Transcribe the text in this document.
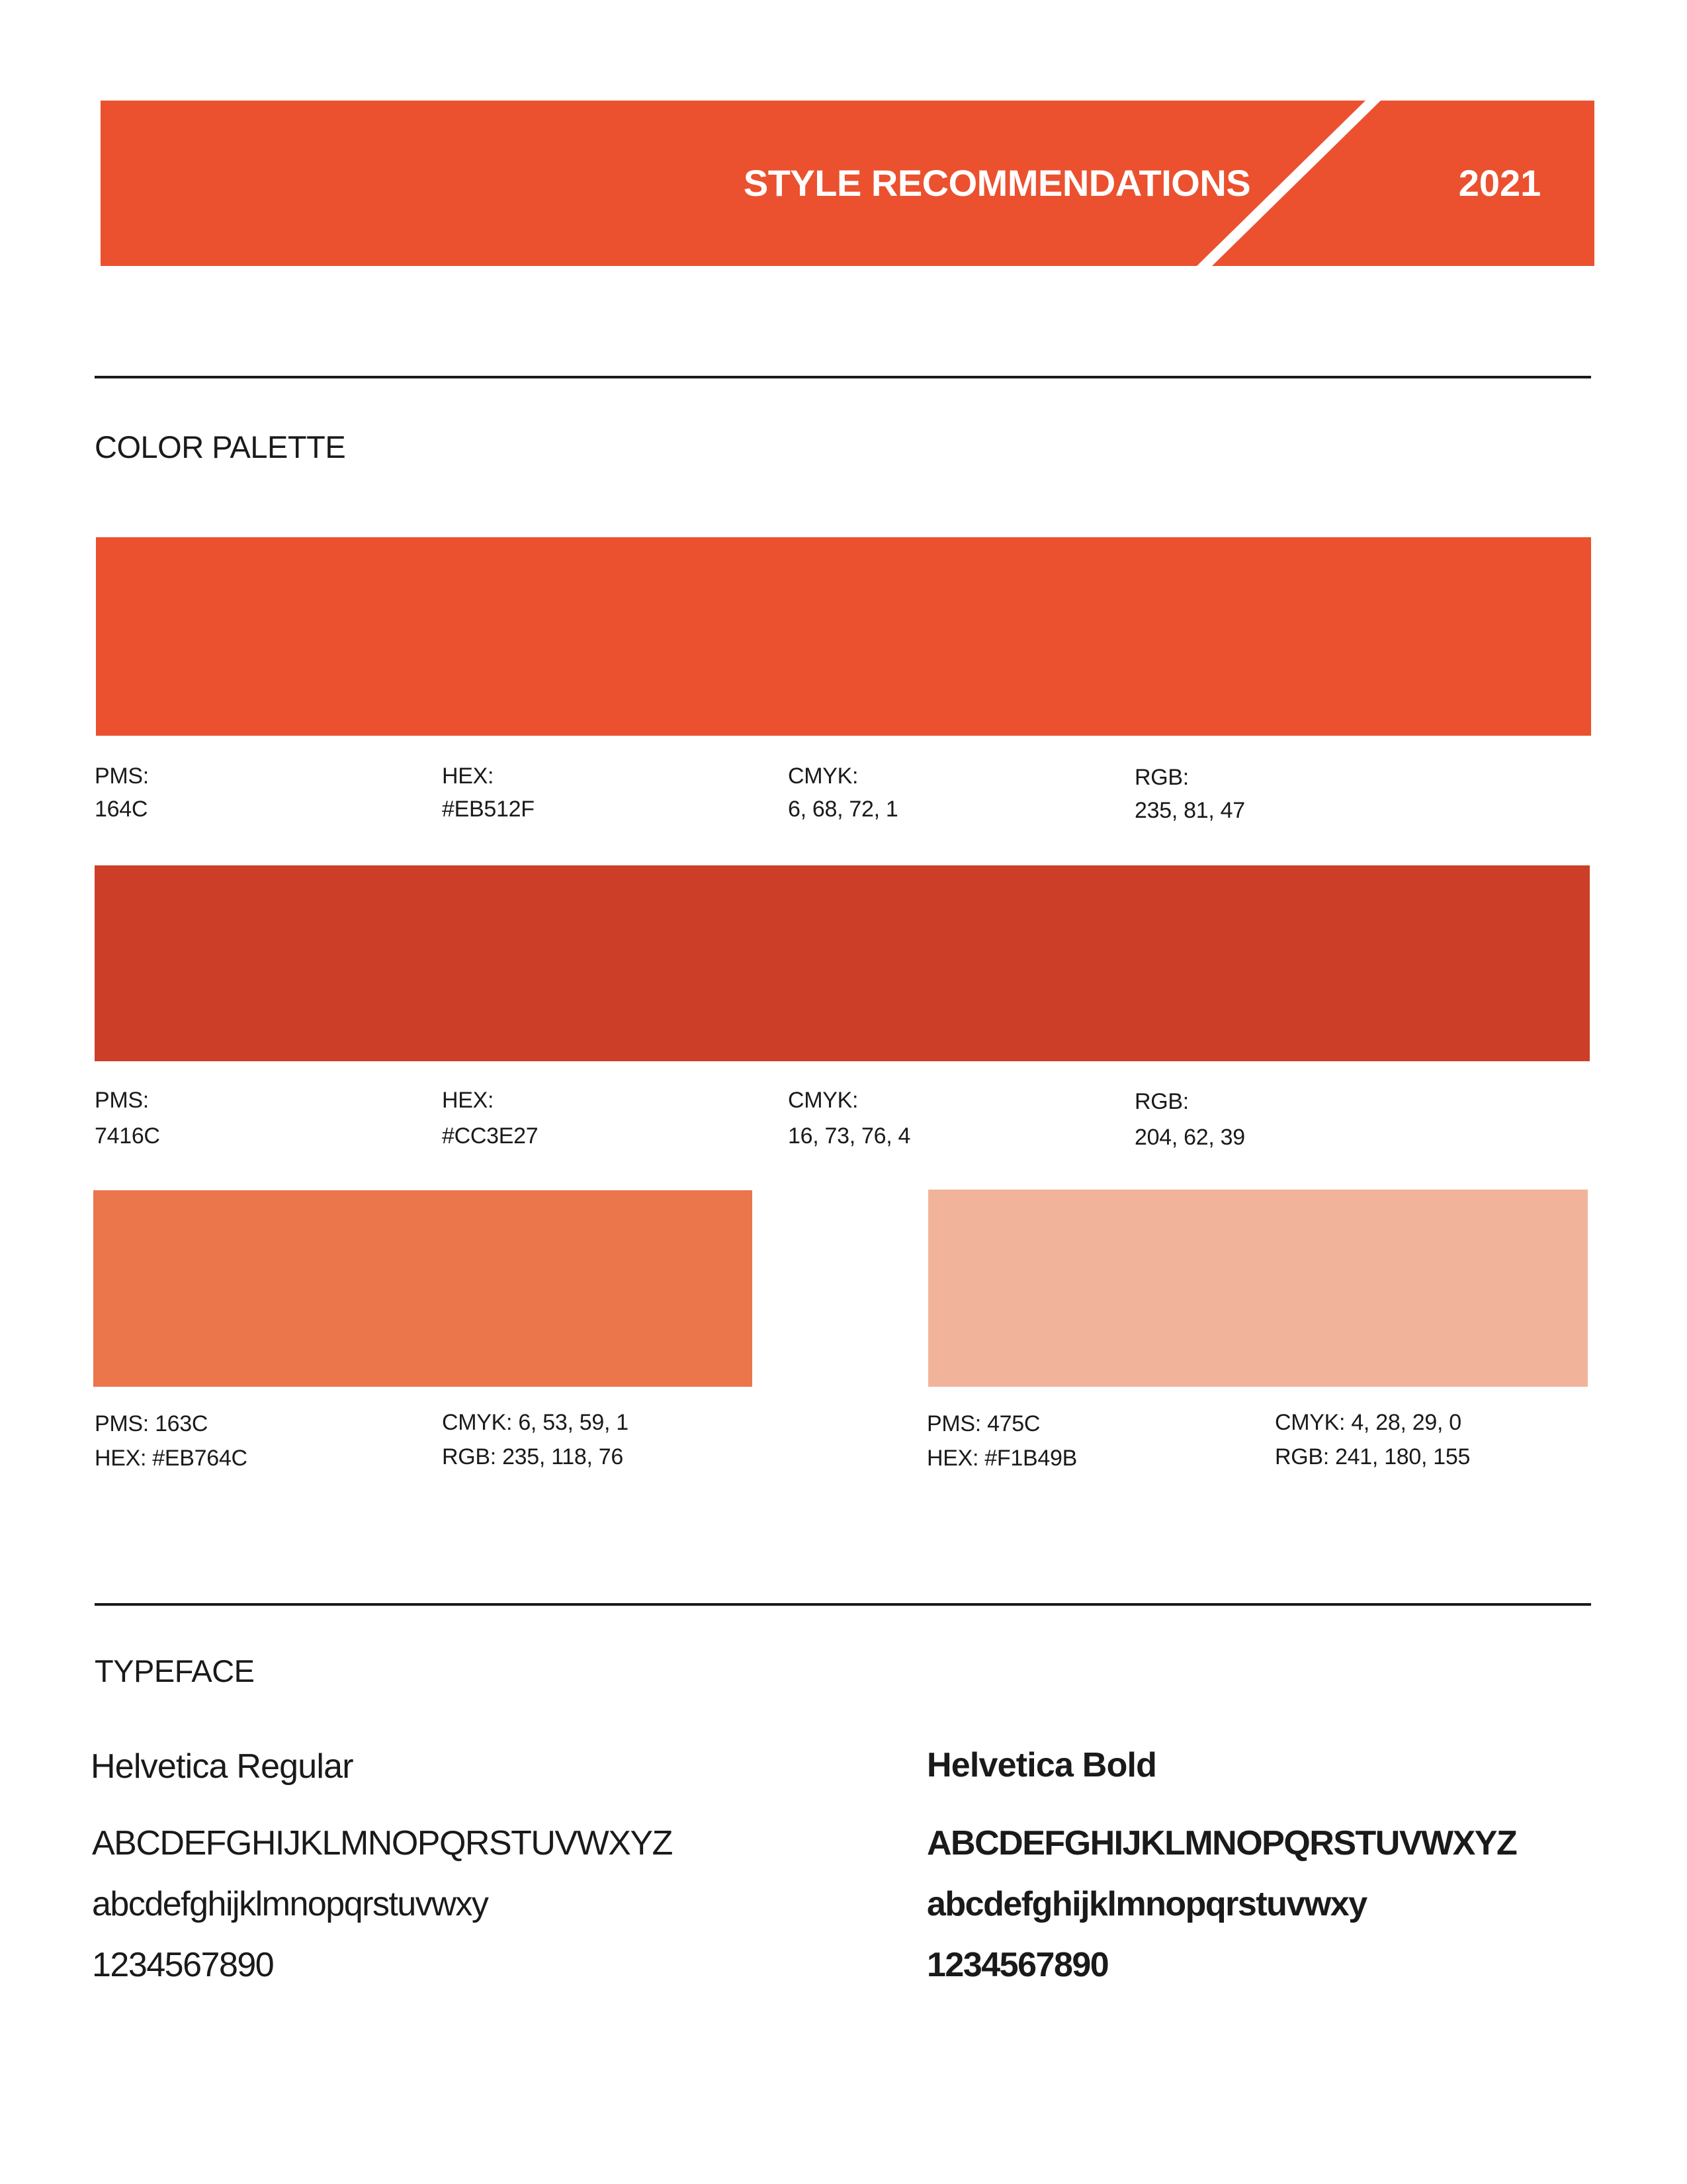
STYLE RECOMMENDATIONS	2021
COLOR PALETTE
PMS:
164C
HEX:
#EB512F
CMYK:
6, 68, 72, 1
RGB:
235, 81, 47
PMS:
7416C
HEX:
#CC3E27
CMYK:
16, 73, 76, 4
RGB:
204, 62, 39
PMS: 163C
HEX: #EB764C
CMYK: 6, 53, 59, 1
RGB: 235, 118, 76
PMS: 475C
HEX: #F1B49B
CMYK: 4, 28, 29, 0
RGB: 241, 180, 155
TYPEFACE
Helvetica Regular
ABCDEFGHIJKLMNOPQRSTUVWXYZ
abcdefghijklmnopqrstuvwxy
1234567890
Helvetica Bold
ABCDEFGHIJKLMNOPQRSTUVWXYZ
abcdefghijklmnopqrstuvwxy
1234567890
